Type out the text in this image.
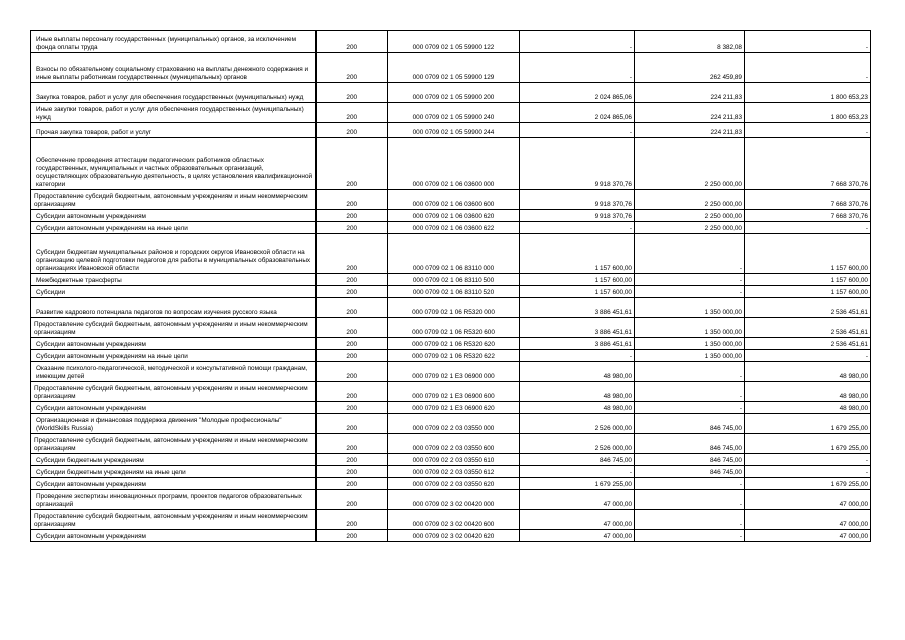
Иные выплаты персоналу государственных (муниципальных) органов, за исключением фонда оплаты труда	200	000 0709 02 1 05 59900 122	-	8 382,08	-
Взносы по обязательному социальному страхованию на выплаты денежного содержания и иные выплаты работникам государственных (муниципальных) органов	200	000 0709 02 1 05 59900 129	-	262 459,89	-
Закупка товаров, работ и услуг для обеспечения государственных (муниципальных) нужд	200	000 0709 02 1 05 59900 200	2 024 865,06	224 211,83	1 800 653,23
Иные закупки товаров, работ и услуг для обеспечения государственных (муниципальных) нужд	200	000 0709 02 1 05 59900 240	2 024 865,06	224 211,83	1 800 653,23
Прочая закупка товаров, работ и услуг	200	000 0709 02 1 05 59900 244	-	224 211,83	-
Обеспечение проведения аттестации педагогических работников областных государственных, муниципальных и частных образовательных организаций, осуществляющих образовательную деятельность, в целях установления квалификационной категории	200	000 0709 02 1 06 03600 000	9 918 370,76	2 250 000,00	7 668 370,76
Предоставление субсидий бюджетным, автономным учреждениям и иным некоммерческим организациям	200	000 0709 02 1 06 03600 600	9 918 370,76	2 250 000,00	7 668 370,76
Субсидии автономным учреждениям	200	000 0709 02 1 06 03600 620	9 918 370,76	2 250 000,00	7 668 370,76
Субсидии автономным учреждениям на иные цели	200	000 0709 02 1 06 03600 622	-	2 250 000,00	-
Субсидии бюджетам муниципальных районов и городских округов Ивановской области на организацию целевой подготовки педагогов для работы в муниципальных образовательных организациях Ивановской области	200	000 0709 02 1 06 83110 000	1 157 600,00	-	1 157 600,00
Межбюджетные трансферты	200	000 0709 02 1 06 83110 500	1 157 600,00	-	1 157 600,00
Субсидии	200	000 0709 02 1 06 83110 520	1 157 600,00	-	1 157 600,00
Развитие кадрового потенциала педагогов по вопросам изучения русского языка	200	000 0709 02 1 06 R5320 000	3 886 451,61	1 350 000,00	2 536 451,61
Предоставление субсидий бюджетным, автономным учреждениям и иным некоммерческим организациям	200	000 0709 02 1 06 R5320 600	3 886 451,61	1 350 000,00	2 536 451,61
Субсидии автономным учреждениям	200	000 0709 02 1 06 R5320 620	3 886 451,61	1 350 000,00	2 536 451,61
Субсидии автономным учреждениям на иные цели	200	000 0709 02 1 06 R5320 622	-	1 350 000,00	-
Оказание психолого-педагогической, методической и консультативной помощи гражданам, имеющим детей	200	000 0709 02 1 E3 06900 000	48 980,00	-	48 980,00
Предоставление субсидий бюджетным, автономным учреждениям и иным некоммерческим организациям	200	000 0709 02 1 E3 06900 600	48 980,00	-	48 980,00
Субсидии автономным учреждениям	200	000 0709 02 1 E3 06900 620	48 980,00	-	48 980,00
Организационная и финансовая поддержка движения "Молодые профессионалы" (WorldSkills Russia)	200	000 0709 02 2 03 03550 000	2 526 000,00	846 745,00	1 679 255,00
Предоставление субсидий бюджетным, автономным учреждениям и иным некоммерческим организациям	200	000 0709 02 2 03 03550 600	2 526 000,00	846 745,00	1 679 255,00
Субсидии бюджетным учреждениям	200	000 0709 02 2 03 03550 610	846 745,00	846 745,00	-
Субсидии бюджетным учреждениям на иные цели	200	000 0709 02 2 03 03550 612	-	846 745,00	-
Субсидии автономным учреждениям	200	000 0709 02 2 03 03550 620	1 679 255,00	-	1 679 255,00
Проведение экспертизы инновационных программ, проектов педагогов образовательных организаций	200	000 0709 02 3 02 00420 000	47 000,00	-	47 000,00
Предоставление субсидий бюджетным, автономным учреждениям и иным некоммерческим организациям	200	000 0709 02 3 02 00420 600	47 000,00	-	47 000,00
Субсидии автономным учреждениям	200	000 0709 02 3 02 00420 620	47 000,00	-	47 000,00
